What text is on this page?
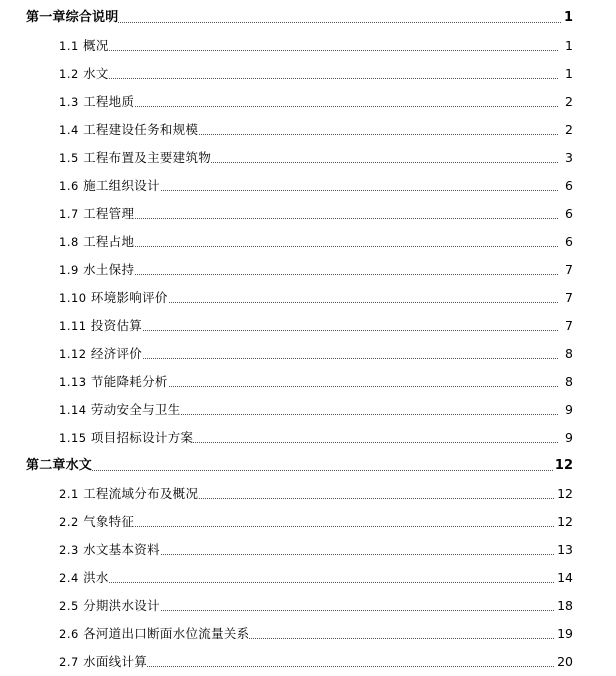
第一章综合说明	1
1.1 概况	1
1.2 水文	1
1.3 工程地质	2
1.4 工程建设任务和规模	2
1.5 工程布置及主要建筑物	3
1.6 施工组织设计	6
1.7 工程管理	6
1.8 工程占地	6
1.9 水土保持	7
1.10 环境影响评价	7
1.11 投资估算	7
1.12 经济评价	8
1.13 节能降耗分析	8
1.14 劳动安全与卫生	9
1.15 项目招标设计方案	9
第二章水文	12
2.1 工程流域分布及概况	12
2.2 气象特征	12
2.3 水文基本资料	13
2.4 洪水	14
2.5 分期洪水设计	18
2.6 各河道出口断面水位流量关系	19
2.7 水面线计算	20
